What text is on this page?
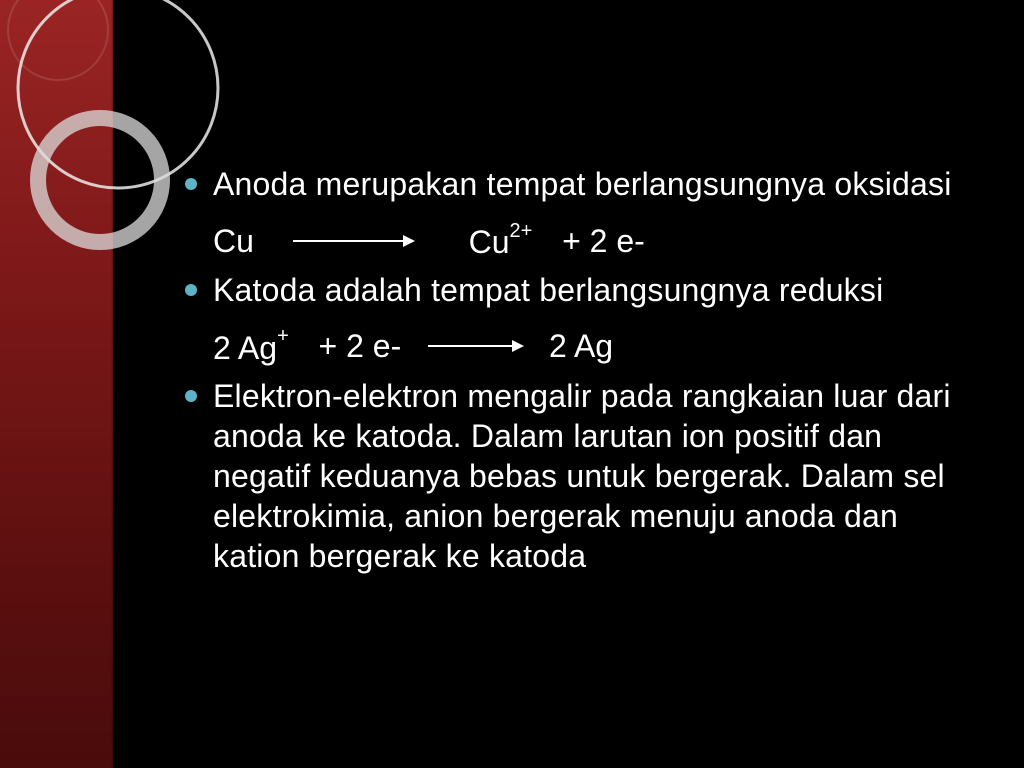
Anoda merupakan tempat berlangsungnya oksidasi
Cu	$Cu^{2+} + 2$ e-
Katoda adalah tempat berlangsungnya reduksi
2 Ag+ + 2 e-	2 Ag
Elektron-elektron mengalir pada rangkaian luar dari anoda ke katoda. Dalam larutan ion positif dan negatif keduanya bebas untuk bergerak. Dalam sel elektrokimia, anion bergerak menuju anoda dan kation bergerak ke katoda
